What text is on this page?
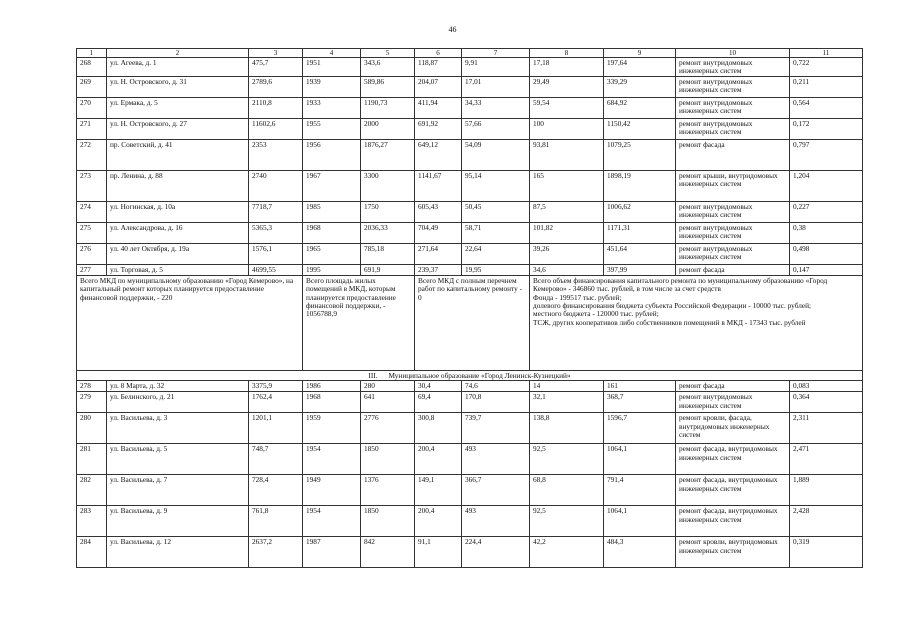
46
1	2	3	4	5	6	7	8	9	10	11
268	ул. Агеева, д. 1	475,7	1951	343,6	118,87	9,91	17,18	197,64	ремонт внутридомовых инженерных систем	0,722
269	ул. Н. Островского, д. 31	2789,6	1939	589,86	204,07	17,01	29,49	339,29	ремонт внутридомовых инженерных систем	0,211
270	ул. Ермака, д. 5	2110,8	1933	1190,73	411,94	34,33	59,54	684,92	ремонт внутридомовых инженерных систем	0,564
271	ул. Н. Островского, д. 27	11602,6	1955	2000	691,92	57,66	100	1150,42	ремонт внутридомовых инженерных систем	0,172
272	пр. Советский, д. 41	2353	1956	1876,27	649,12	54,09	93,81	1079,25	ремонт фасада	0,797
273	пр. Ленина, д. 88	2740	1967	3300	1141,67	95,14	165	1898,19	ремонт крыши, внутридомовых инженерных систем	1,204
274	ул. Ногинская, д. 10а	7718,7	1985	1750	605,43	50,45	87,5	1006,62	ремонт внутридомовых инженерных систем	0,227
275	ул. Александрова, д. 16	5365,3	1968	2036,33	704,49	58,71	101,82	1171,31	ремонт внутридомовых инженерных систем	0,38
276	ул. 40 лет Октября, д. 19а	1576,1	1965	785,18	271,64	22,64	39,26	451,64	ремонт внутридомовых инженерных систем	0,498
277	ул. Торговая, д. 5	4699,55	1995	691,9	239,37	19,95	34,6	397,99	ремонт фасада	0,147
Всего МКД по муниципальному образованию «Город Кемерово», на капитальный ремонт которых планируется предоставление финансовой поддержки, - 220			Всего площадь жилых помещений в МКД, которым планируется предоставление финансовой поддержки, - 1056788,9		Всего МКД с полным перечнем работ по капитальному ремонту - 0		Всего объем финансирования капитального ремонта по муниципальному образованию «Город Кемерово» - 346860 тыс. рублей, в том числе за счет средств
Фонда - 199517 тыс. рублей;
долевого финансирования бюджета субъекта Российской Федерации - 10000 тыс. рублей;
местного бюджета - 120000 тыс. рублей;
ТСЖ, других кооперативов либо собственников помещений в МКД - 17343 тыс. рублей			
III.      Муниципальное образование «Город Ленинск-Кузнецкий»										
278	ул. 8 Марта, д. 32	3375,9	1986	280	30,4	74,6	14	161	ремонт фасада	0,083
279	ул. Белинского, д. 21	1762,4	1968	641	69,4	170,8	32,1	368,7	ремонт внутридомовых инженерных систем	0,364
280	ул. Васильева, д. 3	1201,1	1959	2776	300,8	739,7	138,8	1596,7	ремонт кровли, фасада, внутридомовых инженерных систем	2,311
281	ул. Васильева, д. 5	748,7	1954	1850	200,4	493	92,5	1064,1	ремонт фасада, внутридомовых инженерных систем	2,471
282	ул. Васильева, д. 7	728,4	1949	1376	149,1	366,7	68,8	791,4	ремонт фасада, внутридомовых инженерных систем	1,889
283	ул. Васильева, д. 9	761,8	1954	1850	200,4	493	92,5	1064,1	ремонт фасада, внутридомовых инженерных систем	2,428
284	ул. Васильева, д. 12	2637,2	1987	842	91,1	224,4	42,2	484,3	ремонт кровли, внутридомовых инженерных систем	0,319
